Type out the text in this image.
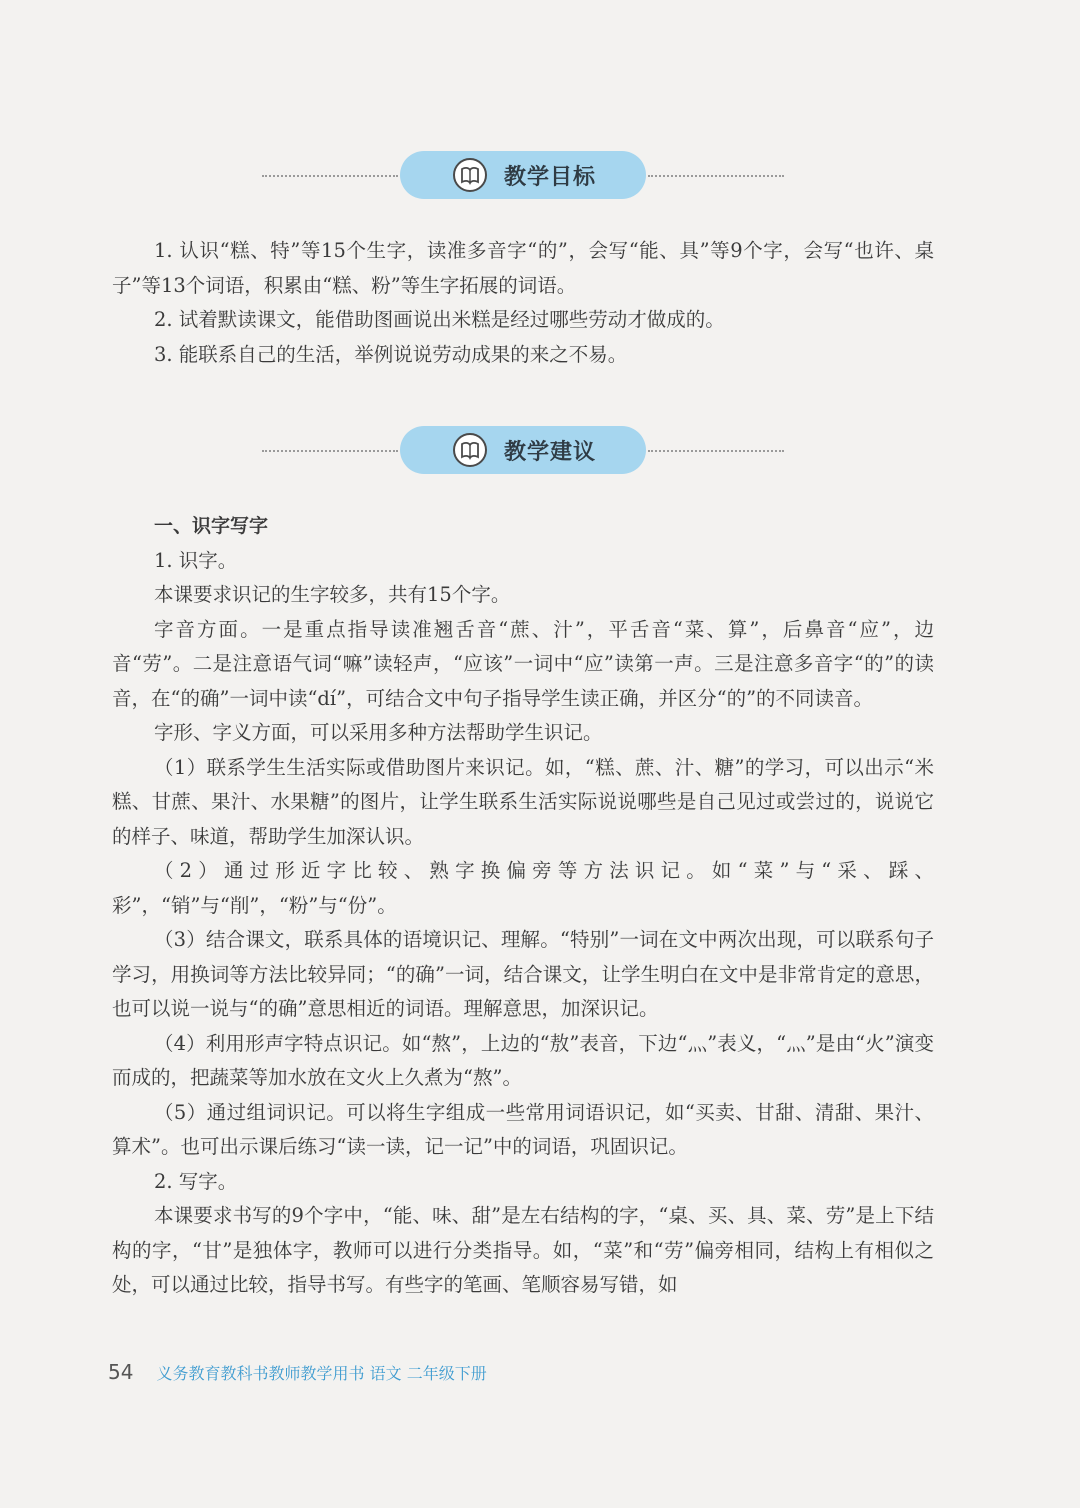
教学目标

1. 认识“糕、特”等15个生字，读准多音字“的”，会写“能、具”等9个字，会写“也许、桌子”等13个词语，积累由“糕、粉”等生字拓展的词语。

2. 试着默读课文，能借助图画说出米糕是经过哪些劳动才做成的。

3. 能联系自己的生活，举例说说劳动成果的来之不易。

教学建议

一、识字写字

1. 识字。

本课要求识记的生字较多，共有15个字。

字音方面。一是重点指导读准翘舌音“蔗、汁”，平舌音“菜、算”，后鼻音“应”，边音“劳”。二是注意语气词“嘛”读轻声，“应该”一词中“应”读第一声。三是注意多音字“的”的读音，在“的确”一词中读“dí”，可结合文中句子指导学生读正确，并区分“的”的不同读音。

字形、字义方面，可以采用多种方法帮助学生识记。

（1）联系学生生活实际或借助图片来识记。如，“糕、蔗、汁、糖”的学习，可以出示“米糕、甘蔗、果汁、水果糖”的图片，让学生联系生活实际说说哪些是自己见过或尝过的，说说它的样子、味道，帮助学生加深认识。

（2）通过形近字比较、熟字换偏旁等方法识记。如“菜”与“采、踩、彩”，“销”与“削”，“粉”与“份”。

（3）结合课文，联系具体的语境识记、理解。“特别”一词在文中两次出现，可以联系句子学习，用换词等方法比较异同；“的确”一词，结合课文，让学生明白在文中是非常肯定的意思，也可以说一说与“的确”意思相近的词语。理解意思，加深识记。

（4）利用形声字特点识记。如“熬”，上边的“敖”表音，下边“灬”表义，“灬”是由“火”演变而成的，把蔬菜等加水放在文火上久煮为“熬”。

（5）通过组词识记。可以将生字组成一些常用词语识记，如“买卖、甘甜、清甜、果汁、算术”。也可出示课后练习“读一读，记一记”中的词语，巩固识记。

2. 写字。

本课要求书写的9个字中，“能、味、甜”是左右结构的字，“桌、买、具、菜、劳”是上下结构的字，“甘”是独体字，教师可以进行分类指导。如，“菜”和“劳”偏旁相同，结构上有相似之处，可以通过比较，指导书写。有些字的笔画、笔顺容易写错，如

54 义务教育教科书教师教学用书 语文 二年级下册
